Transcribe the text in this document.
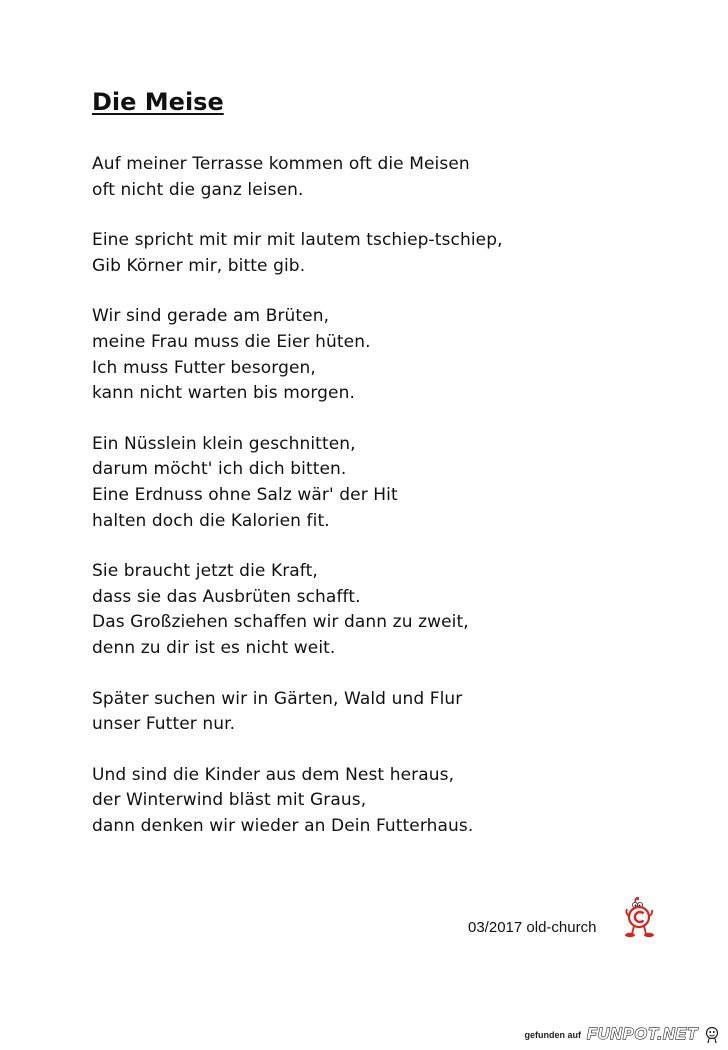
Die Meise
Auf meiner Terrasse kommen oft die Meisen
oft nicht die ganz leisen.
Eine spricht mit mir mit lautem tschiep-tschiep,
Gib Körner mir, bitte gib.
Wir sind gerade am Brüten,
meine Frau muss die Eier hüten.
Ich muss Futter besorgen,
kann nicht warten bis morgen.
Ein Nüsslein klein geschnitten,
darum möcht' ich dich bitten.
Eine Erdnuss ohne Salz wär' der Hit
halten doch die Kalorien fit.
Sie braucht jetzt die Kraft,
dass sie das Ausbrüten schafft.
Das Großziehen schaffen wir dann zu zweit,
denn zu dir ist es nicht weit.
Später suchen wir in Gärten, Wald und Flur
unser Futter nur.
Und sind die Kinder aus dem Nest heraus,
der Winterwind bläst mit Graus,
dann denken wir wieder an Dein Futterhaus.
03/2017 old-church
gefunden auf FUNPOT.NET
